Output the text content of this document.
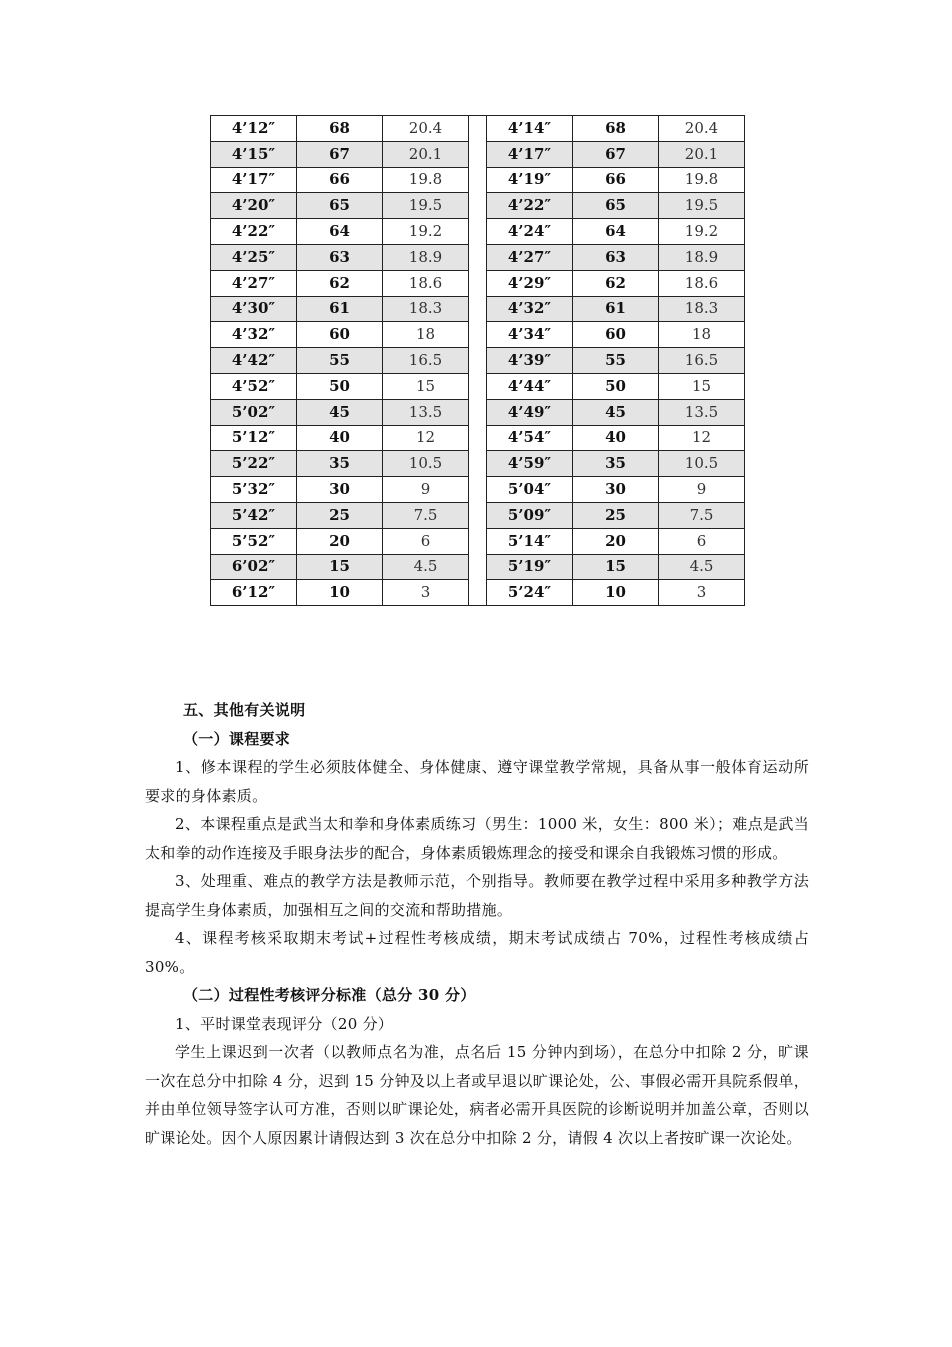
4’12″	68	20.4		4’14″	68	20.4
4’15″	67	20.1		4’17″	67	20.1
4’17″	66	19.8		4’19″	66	19.8
4’20″	65	19.5		4’22″	65	19.5
4’22″	64	19.2		4’24″	64	19.2
4’25″	63	18.9		4’27″	63	18.9
4’27″	62	18.6		4’29″	62	18.6
4’30″	61	18.3		4’32″	61	18.3
4’32″	60	18		4’34″	60	18
4’42″	55	16.5		4’39″	55	16.5
4’52″	50	15		4’44″	50	15
5’02″	45	13.5		4’49″	45	13.5
5’12″	40	12		4’54″	40	12
5’22″	35	10.5		4’59″	35	10.5
5’32″	30	9		5’04″	30	9
5’42″	25	7.5		5’09″	25	7.5
5’52″	20	6		5’14″	20	6
6’02″	15	4.5		5’19″	15	4.5
6’12″	10	3		5’24″	10	3

五、其他有关说明

（一）课程要求

1、修本课程的学生必须肢体健全、身体健康、遵守课堂教学常规，具备从事一般体育运动所要求的身体素质。

2、本课程重点是武当太和拳和身体素质练习（男生：1000 米，女生：800 米）；难点是武当太和拳的动作连接及手眼身法步的配合，身体素质锻炼理念的接受和课余自我锻炼习惯的形成。

3、处理重、难点的教学方法是教师示范，个别指导。教师要在教学过程中采用多种教学方法提高学生身体素质，加强相互之间的交流和帮助措施。

4、课程考核采取期末考试+过程性考核成绩，期末考试成绩占 70%，过程性考核成绩占 30%。

（二）过程性考核评分标准（总分 30 分）

1、平时课堂表现评分（20 分）

学生上课迟到一次者（以教师点名为准，点名后 15 分钟内到场），在总分中扣除 2 分，旷课一次在总分中扣除 4 分，迟到 15 分钟及以上者或早退以旷课论处，公、事假必需开具院系假单，并由单位领导签字认可方准，否则以旷课论处，病者必需开具医院的诊断说明并加盖公章，否则以旷课论处。因个人原因累计请假达到 3 次在总分中扣除 2 分，请假 4 次以上者按旷课一次论处。
